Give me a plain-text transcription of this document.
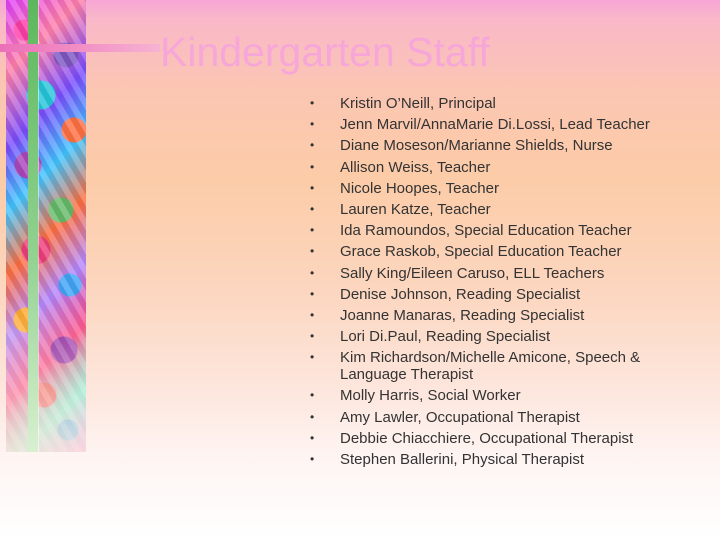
Kindergarten Staff
• Kristin O’Neill, Principal
• Jenn Marvil/AnnaMarie Di.Lossi, Lead Teacher
• Diane Moseson/Marianne Shields, Nurse
• Allison Weiss, Teacher
• Nicole Hoopes, Teacher
• Lauren Katze, Teacher
• Ida Ramoundos, Special Education Teacher
• Grace Raskob, Special Education Teacher
• Sally King/Eileen Caruso, ELL Teachers
• Denise Johnson, Reading Specialist
• Joanne Manaras, Reading Specialist
• Lori Di.Paul, Reading Specialist
• Kim Richardson/Michelle Amicone, Speech & Language Therapist
• Molly Harris, Social Worker
• Amy Lawler, Occupational Therapist
• Debbie Chiacchiere, Occupational Therapist
• Stephen Ballerini, Physical Therapist
